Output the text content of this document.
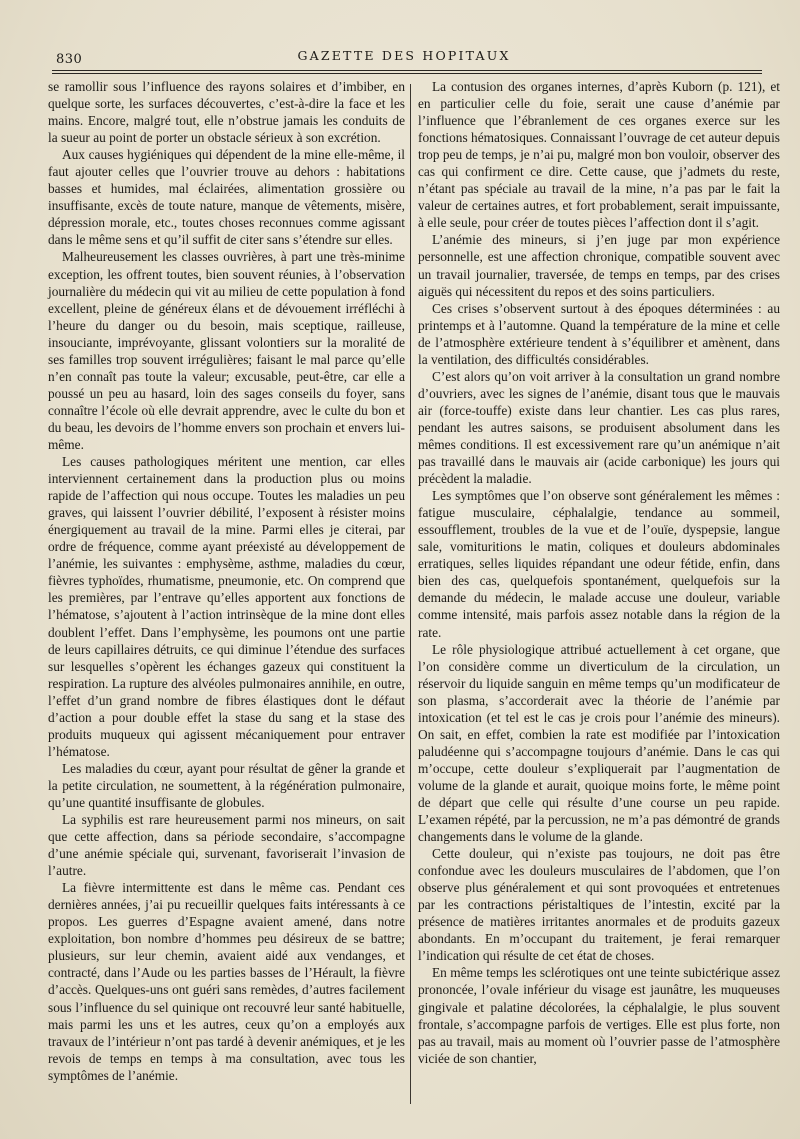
830	GAZETTE DES HOPITAUX

se ramollir sous l’influence des rayons solaires et d’imbiber, en quelque sorte, les surfaces découvertes, c’est-à-dire la face et les mains. Encore, malgré tout, elle n’obstrue jamais les conduits de la sueur au point de porter un obstacle sérieux à son excrétion.

Aux causes hygiéniques qui dépendent de la mine elle-même, il faut ajouter celles que l’ouvrier trouve au dehors : habitations basses et humides, mal éclairées, alimentation grossière ou insuffisante, excès de toute nature, manque de vêtements, misère, dépression morale, etc., toutes choses reconnues comme agissant dans le même sens et qu’il suffit de citer sans s’étendre sur elles.

Malheureusement les classes ouvrières, à part une très-minime exception, les offrent toutes, bien souvent réunies, à l’observation journalière du médecin qui vit au milieu de cette population à fond excellent, pleine de généreux élans et de dévouement irréfléchi à l’heure du danger ou du besoin, mais sceptique, railleuse, insouciante, imprévoyante, glissant volontiers sur la moralité de ses familles trop souvent irrégulières; faisant le mal parce qu’elle n’en connaît pas toute la valeur; excusable, peut-être, car elle a poussé un peu au hasard, loin des sages conseils du foyer, sans connaître l’école où elle devrait apprendre, avec le culte du bon et du beau, les devoirs de l’homme envers son prochain et envers lui-même.

Les causes pathologiques méritent une mention, car elles interviennent certainement dans la production plus ou moins rapide de l’affection qui nous occupe. Toutes les maladies un peu graves, qui laissent l’ouvrier débilité, l’exposent à résister moins énergiquement au travail de la mine. Parmi elles je citerai, par ordre de fréquence, comme ayant préexisté au développement de l’anémie, les suivantes : emphysème, asthme, maladies du cœur, fièvres typhoïdes, rhumatisme, pneumonie, etc. On comprend que les premières, par l’entrave qu’elles apportent aux fonctions de l’hématose, s’ajoutent à l’action intrinsèque de la mine dont elles doublent l’effet. Dans l’emphysème, les poumons ont une partie de leurs capillaires détruits, ce qui diminue l’étendue des surfaces sur lesquelles s’opèrent les échanges gazeux qui constituent la respiration. La rupture des alvéoles pulmonaires annihile, en outre, l’effet d’un grand nombre de fibres élastiques dont le défaut d’action a pour double effet la stase du sang et la stase des produits muqueux qui agissent mécaniquement pour entraver l’hématose.

Les maladies du cœur, ayant pour résultat de gêner la grande et la petite circulation, ne soumettent, à la régénération pulmonaire, qu’une quantité insuffisante de globules.

La syphilis est rare heureusement parmi nos mineurs, on sait que cette affection, dans sa période secondaire, s’accompagne d’une anémie spéciale qui, survenant, favoriserait l’invasion de l’autre.

La fièvre intermittente est dans le même cas. Pendant ces dernières années, j’ai pu recueillir quelques faits intéressants à ce propos. Les guerres d’Espagne avaient amené, dans notre exploitation, bon nombre d’hommes peu désireux de se battre; plusieurs, sur leur chemin, avaient aidé aux vendanges, et contracté, dans l’Aude ou les parties basses de l’Hérault, la fièvre d’accès. Quelques-uns ont guéri sans remèdes, d’autres facilement sous l’influence du sel quinique ont recouvré leur santé habituelle, mais parmi les uns et les autres, ceux qu’on a employés aux travaux de l’intérieur n’ont pas tardé à devenir anémiques, et je les revois de temps en temps à ma consultation, avec tous les symptômes de l’anémie.

La contusion des organes internes, d’après Kuborn (p. 121), et en particulier celle du foie, serait une cause d’anémie par l’influence que l’ébranlement de ces organes exerce sur les fonctions hématosiques. Connaissant l’ouvrage de cet auteur depuis trop peu de temps, je n’ai pu, malgré mon bon vouloir, observer des cas qui confirment ce dire. Cette cause, que j’admets du reste, n’étant pas spéciale au travail de la mine, n’a pas par le fait la valeur de certaines autres, et fort probablement, serait impuissante, à elle seule, pour créer de toutes pièces l’affection dont il s’agit.

L’anémie des mineurs, si j’en juge par mon expérience personnelle, est une affection chronique, compatible souvent avec un travail journalier, traversée, de temps en temps, par des crises aiguës qui nécessitent du repos et des soins particuliers.

Ces crises s’observent surtout à des époques déterminées : au printemps et à l’automne. Quand la température de la mine et celle de l’atmosphère extérieure tendent à s’équilibrer et amènent, dans la ventilation, des difficultés considérables.

C’est alors qu’on voit arriver à la consultation un grand nombre d’ouvriers, avec les signes de l’anémie, disant tous que le mauvais air (force-touffe) existe dans leur chantier. Les cas plus rares, pendant les autres saisons, se produisent absolument dans les mêmes conditions. Il est excessivement rare qu’un anémique n’ait pas travaillé dans le mauvais air (acide carbonique) les jours qui précèdent la maladie.

Les symptômes que l’on observe sont généralement les mêmes : fatigue musculaire, céphalalgie, tendance au sommeil, essoufflement, troubles de la vue et de l’ouïe, dyspepsie, langue sale, vomituritions le matin, coliques et douleurs abdominales erratiques, selles liquides répandant une odeur fétide, enfin, dans bien des cas, quelquefois spontanément, quelquefois sur la demande du médecin, le malade accuse une douleur, variable comme intensité, mais parfois assez notable dans la région de la rate.

Le rôle physiologique attribué actuellement à cet organe, que l’on considère comme un diverticulum de la circulation, un réservoir du liquide sanguin en même temps qu’un modificateur de son plasma, s’accorderait avec la théorie de l’anémie par intoxication (et tel est le cas je crois pour l’anémie des mineurs). On sait, en effet, combien la rate est modifiée par l’intoxication paludéenne qui s’accompagne toujours d’anémie. Dans le cas qui m’occupe, cette douleur s’expliquerait par l’augmentation de volume de la glande et aurait, quoique moins forte, le même point de départ que celle qui résulte d’une course un peu rapide. L’examen répété, par la percussion, ne m’a pas démontré de grands changements dans le volume de la glande.

Cette douleur, qui n’existe pas toujours, ne doit pas être confondue avec les douleurs musculaires de l’abdomen, que l’on observe plus généralement et qui sont provoquées et entretenues par les contractions péristaltiques de l’intestin, excité par la présence de matières irritantes anormales et de produits gazeux abondants. En m’occupant du traitement, je ferai remarquer l’indication qui résulte de cet état de choses.

En même temps les sclérotiques ont une teinte subictérique assez prononcée, l’ovale inférieur du visage est jaunâtre, les muqueuses gingivale et palatine décolorées, la céphalalgie, le plus souvent frontale, s’accompagne parfois de vertiges. Elle est plus forte, non pas au travail, mais au moment où l’ouvrier passe de l’atmosphère viciée de son chantier,
